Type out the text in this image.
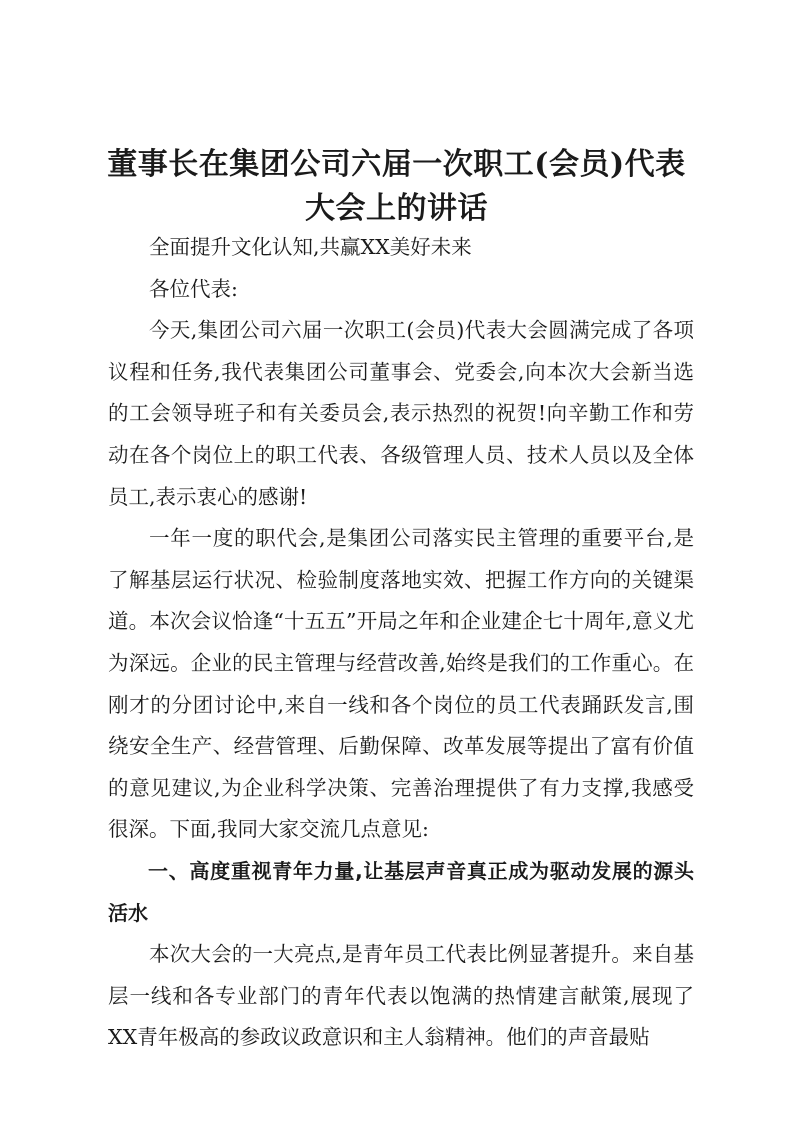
董事长在集团公司六届一次职工(会员)代表大会上的讲话

全面提升文化认知,共赢XX美好未来

各位代表:

今天,集团公司六届一次职工(会员)代表大会圆满完成了各项议程和任务,我代表集团公司董事会、党委会,向本次大会新当选的工会领导班子和有关委员会,表示热烈的祝贺!向辛勤工作和劳动在各个岗位上的职工代表、各级管理人员、技术人员以及全体员工,表示衷心的感谢!

一年一度的职代会,是集团公司落实民主管理的重要平台,是了解基层运行状况、检验制度落地实效、把握工作方向的关键渠道。本次会议恰逢“十五五”开局之年和企业建企七十周年,意义尤为深远。企业的民主管理与经营改善,始终是我们的工作重心。在刚才的分团讨论中,来自一线和各个岗位的员工代表踊跃发言,围绕安全生产、经营管理、后勤保障、改革发展等提出了富有价值的意见建议,为企业科学决策、完善治理提供了有力支撑,我感受很深。下面,我同大家交流几点意见:

一、高度重视青年力量,让基层声音真正成为驱动发展的源头活水

本次大会的一大亮点,是青年员工代表比例显著提升。来自基层一线和各专业部门的青年代表以饱满的热情建言献策,展现了XX青年极高的参政议政意识和主人翁精神。他们的声音最贴
